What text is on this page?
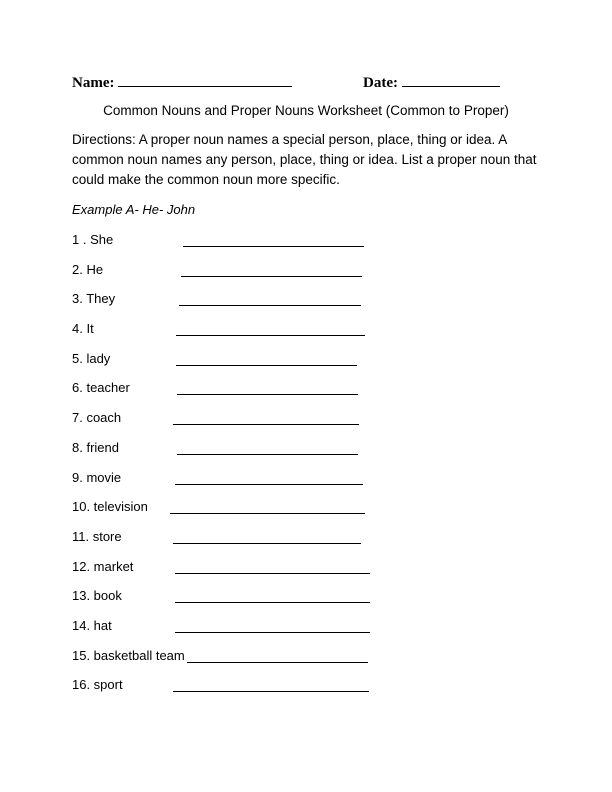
Name:	Date:
Common Nouns and Proper Nouns Worksheet (Common to Proper)
Directions: A proper noun names a special person, place, thing or idea. A common noun names any person, place, thing or idea. List a proper noun that could make the common noun more specific.
Example A- He- John
1 . She
2. He
3. They
4. It
5. lady
6. teacher
7. coach
8. friend
9. movie
10. television
11. store
12. market
13. book
14. hat
15. basketball team
16. sport
